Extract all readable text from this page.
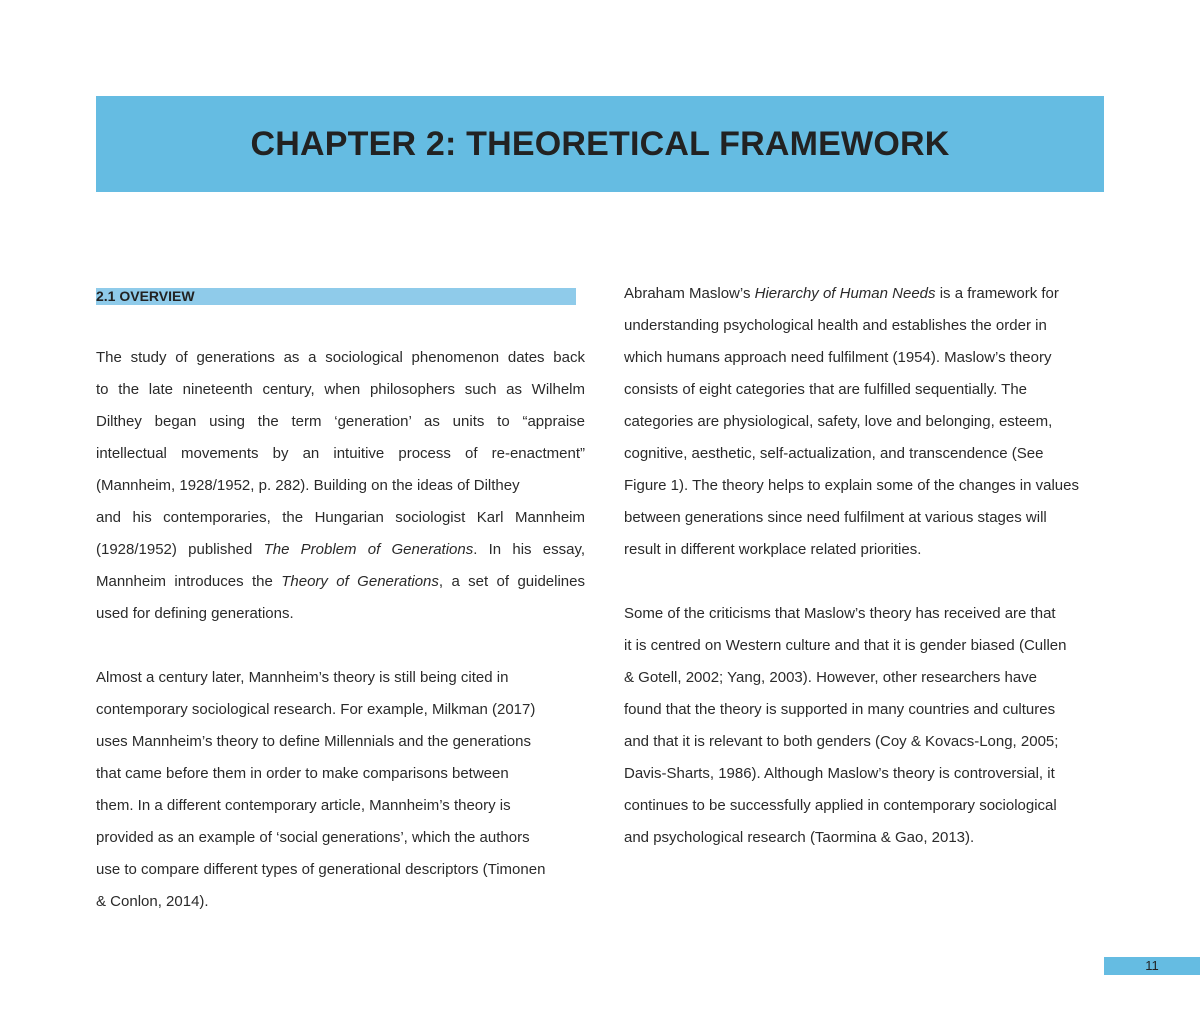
CHAPTER 2: THEORETICAL FRAMEWORK
2.1 OVERVIEW
The study of generations as a sociological phenomenon dates back
to the late nineteenth century, when philosophers such as Wilhelm
Dilthey began using the term ‘generation’ as units to “appraise
intellectual movements by an intuitive process of re-enactment”
(Mannheim, 1928/1952, p. 282). Building on the ideas of Dilthey
and his contemporaries, the Hungarian sociologist Karl Mannheim
(1928/1952) published The Problem of Generations. In his essay,
Mannheim introduces the Theory of Generations, a set of guidelines
used for defining generations.
Almost a century later, Mannheim’s theory is still being cited in
contemporary sociological research. For example, Milkman (2017)
uses Mannheim’s theory to define Millennials and the generations
that came before them in order to make comparisons between
them. In a different contemporary article, Mannheim’s theory is
provided as an example of ‘social generations’, which the authors
use to compare different types of generational descriptors (Timonen
& Conlon, 2014).
Abraham Maslow’s Hierarchy of Human Needs is a framework for
understanding psychological health and establishes the order in
which humans approach need fulfilment (1954). Maslow’s theory
consists of eight categories that are fulfilled sequentially. The
categories are physiological, safety, love and belonging, esteem,
cognitive, aesthetic, self-actualization, and transcendence (See
Figure 1). The theory helps to explain some of the changes in values
between generations since need fulfilment at various stages will
result in different workplace related priorities.
Some of the criticisms that Maslow’s theory has received are that
it is centred on Western culture and that it is gender biased (Cullen
& Gotell, 2002; Yang, 2003). However, other researchers have
found that the theory is supported in many countries and cultures
and that it is relevant to both genders (Coy & Kovacs-Long, 2005;
Davis-Sharts, 1986). Although Maslow’s theory is controversial, it
continues to be successfully applied in contemporary sociological
and psychological research (Taormina & Gao, 2013).
11
